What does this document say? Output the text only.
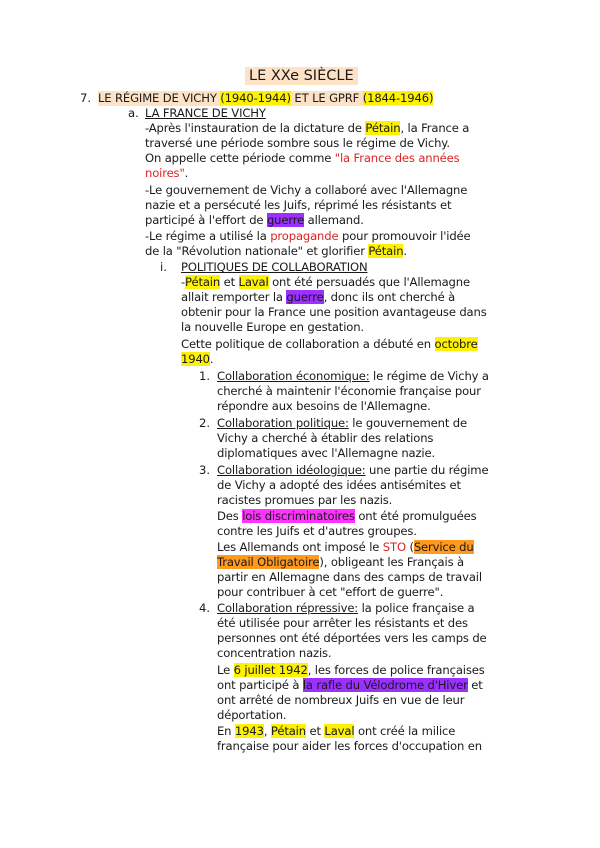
LE XXe SIÈCLE
7. LE RÉGIME DE VICHY (1940-1944) ET LE GPRF (1844-1946)
a. LA FRANCE DE VICHY
-Après l'instauration de la dictature de Pétain, la France a
traversé une période sombre sous le régime de Vichy.
On appelle cette période comme "la France des années
noires".
-Le gouvernement de Vichy a collaboré avec l'Allemagne
nazie et a persécuté les Juifs, réprimé les résistants et
participé à l'effort de guerre allemand.
-Le régime a utilisé la propagande pour promouvoir l'idée
de la "Révolution nationale" et glorifier Pétain.
i. POLITIQUES DE COLLABORATION
-Pétain et Laval ont été persuadés que l'Allemagne
allait remporter la guerre, donc ils ont cherché à
obtenir pour la France une position avantageuse dans
la nouvelle Europe en gestation.
Cette politique de collaboration a débuté en octobre
1940.
1. Collaboration économique: le régime de Vichy a
cherché à maintenir l'économie française pour
répondre aux besoins de l'Allemagne.
2. Collaboration politique: le gouvernement de
Vichy a cherché à établir des relations
diplomatiques avec l'Allemagne nazie.
3. Collaboration idéologique: une partie du régime
de Vichy a adopté des idées antisémites et
racistes promues par les nazis.
Des lois discriminatoires ont été promulguées
contre les Juifs et d'autres groupes.
Les Allemands ont imposé le STO (Service du
Travail Obligatoire), obligeant les Français à
partir en Allemagne dans des camps de travail
pour contribuer à cet "effort de guerre".
4. Collaboration répressive: la police française a
été utilisée pour arrêter les résistants et des
personnes ont été déportées vers les camps de
concentration nazis.
Le 6 juillet 1942, les forces de police françaises
ont participé à la rafle du Vélodrome d'Hiver et
ont arrêté de nombreux Juifs en vue de leur
déportation.
En 1943, Pétain et Laval ont créé la milice
française pour aider les forces d'occupation en
